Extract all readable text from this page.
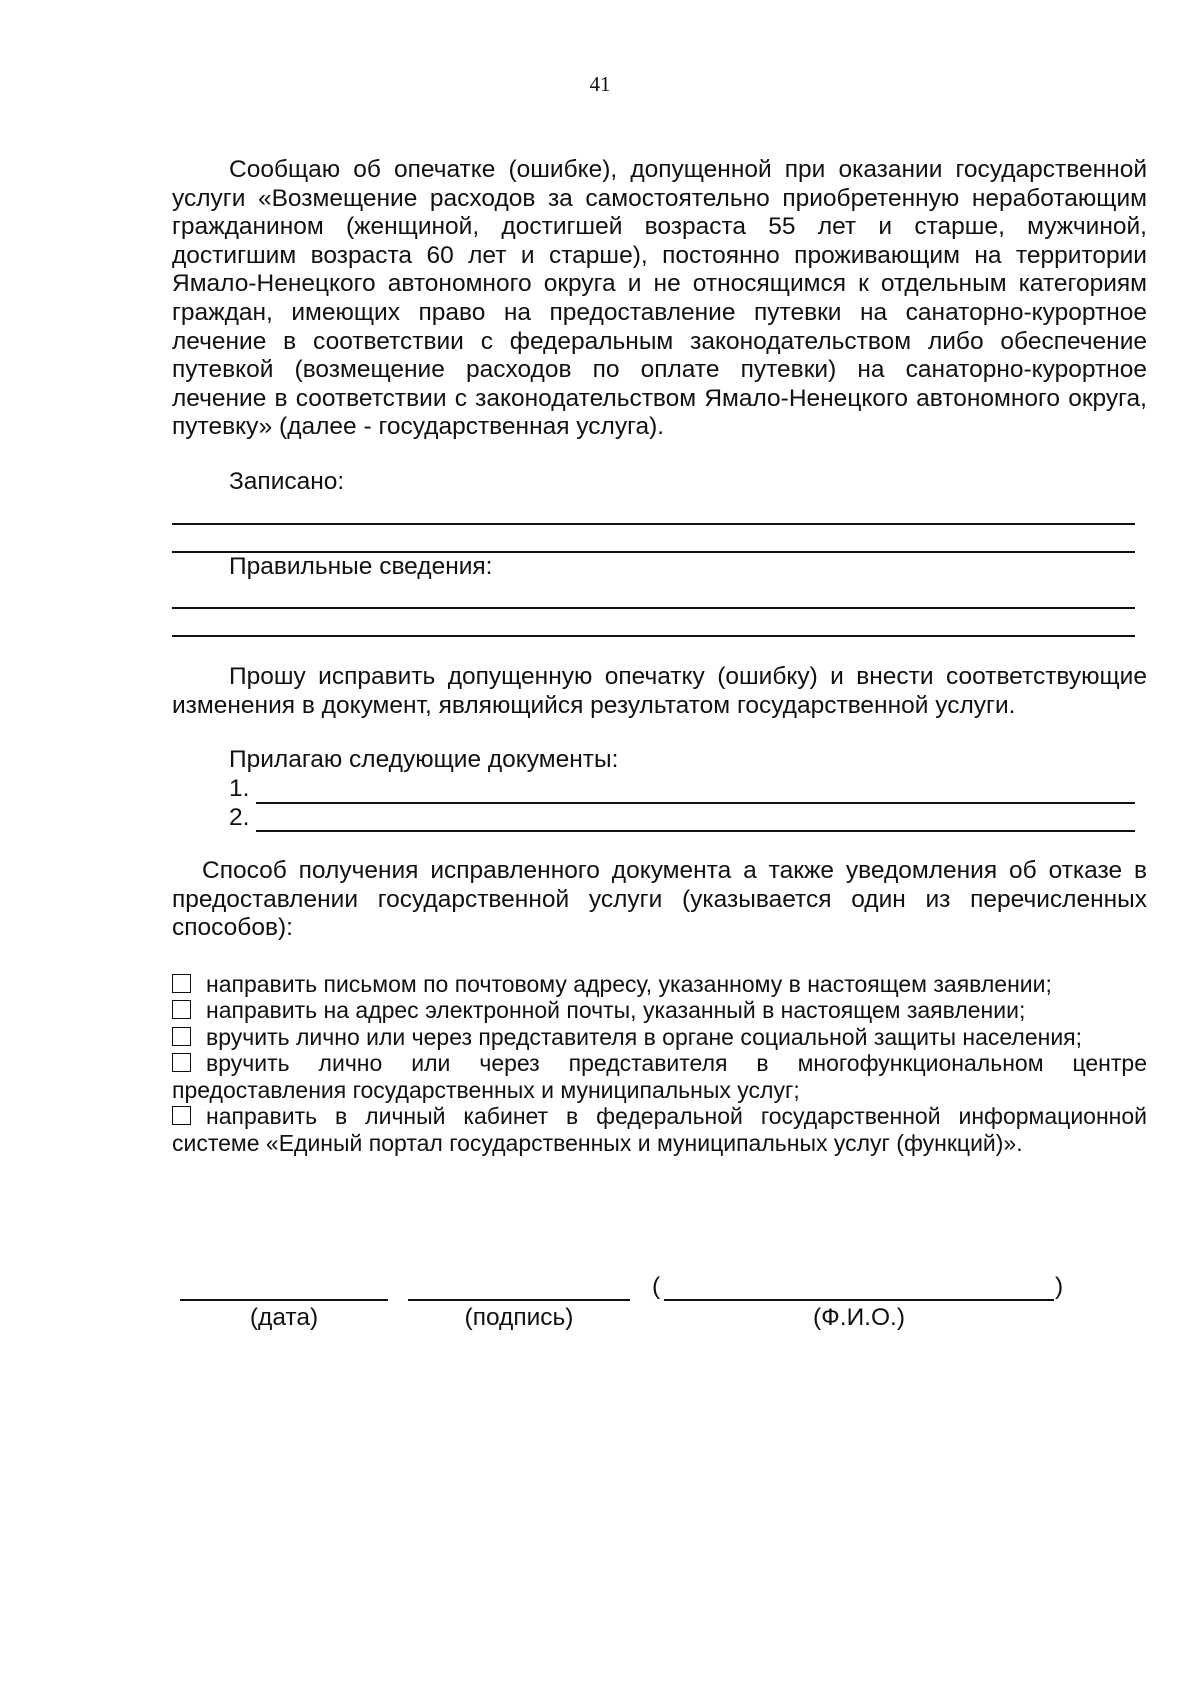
41

Сообщаю об опечатке (ошибке), допущенной при оказании государственной услуги «Возмещение расходов за самостоятельно приобретенную неработающим гражданином (женщиной, достигшей возраста 55 лет и старше, мужчиной, достигшим возраста 60 лет и старше), постоянно проживающим на территории Ямало-Ненецкого автономного округа и не относящимся к отдельным категориям граждан, имеющих право на предоставление путевки на санаторно-курортное лечение в соответствии с федеральным законодательством либо обеспечение путевкой (возмещение расходов по оплате путевки) на санаторно-курортное лечение в соответствии с законодательством Ямало-Ненецкого автономного округа, путевку» (далее - государственная услуга).

Записано:

Правильные сведения:

Прошу исправить допущенную опечатку (ошибку) и внести соответствующие изменения в документ, являющийся результатом государственной услуги.

Прилагаю следующие документы:

1.
2.

Способ получения исправленного документа а также уведомления об отказе в предоставлении государственной услуги (указывается один из перечисленных способов):

направить письмом по почтовому адресу, указанному в настоящем заявлении;

направить на адрес электронной почты, указанный в настоящем заявлении;

вручить лично или через представителя в органе социальной защиты населения;

вручить лично или через представителя в многофункциональном центре предоставления государственных и муниципальных услуг;

направить в личный кабинет в федеральной государственной информационной системе «Единый портал государственных и муниципальных услуг (функций)».

(	)
(дата)	(подпись)	(Ф.И.О.)
